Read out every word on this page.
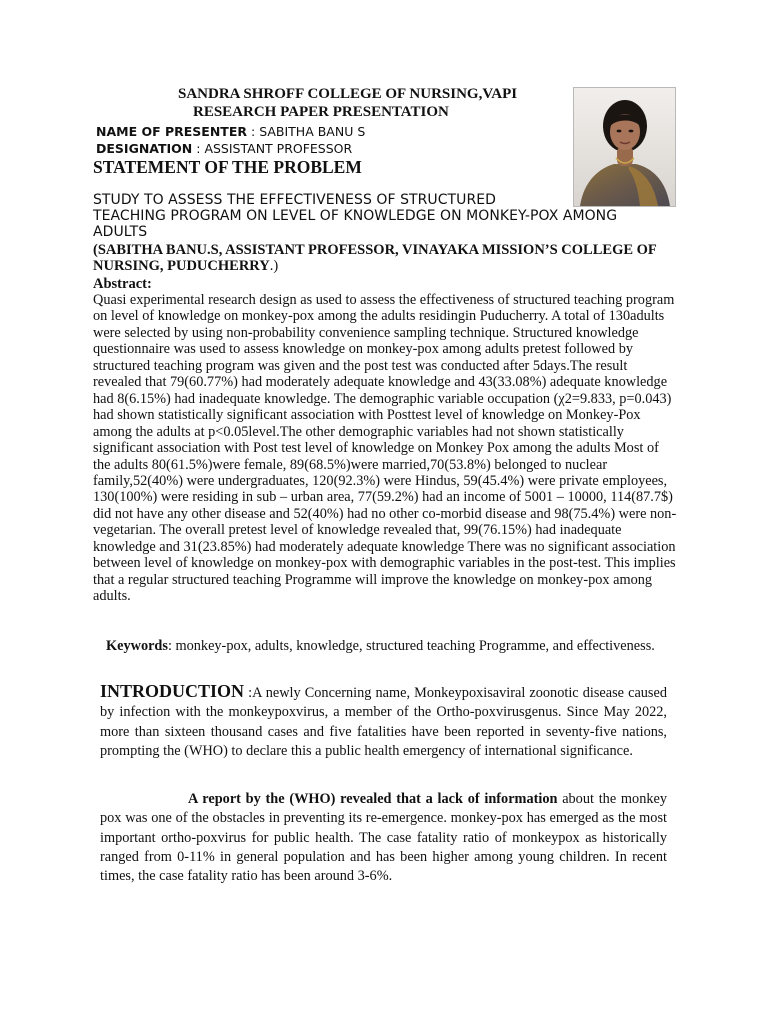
SANDRA SHROFF COLLEGE OF NURSING,VAPI
RESEARCH PAPER PRESENTATION
NAME OF PRESENTER : SABITHA BANU S
DESIGNATION : ASSISTANT PROFESSOR
STATEMENT OF THE PROBLEM
STUDY TO ASSESS THE EFFECTIVENESS OF STRUCTURED
TEACHING PROGRAM ON LEVEL OF KNOWLEDGE ON MONKEY-POX AMONG ADULTS
(SABITHA BANU.S, ASSISTANT PROFESSOR, VINAYAKA MISSION’S COLLEGE OF NURSING, PUDUCHERRY.)
Abstract:

Quasi experimental research design as used to assess the effectiveness of structured teaching program on level of knowledge on monkey-pox among the adults residingin Puducherry. A total of 130adults were selected by using non-probability convenience sampling technique. Structured knowledge questionnaire was used to assess knowledge on monkey-pox among adults pretest followed by structured teaching program was given and the post test was conducted after 5days.The result revealed that 79(60.77%) had moderately adequate knowledge and 43(33.08%) adequate knowledge had 8(6.15%) had inadequate knowledge. The demographic variable occupation (χ2=9.833, p=0.043) had shown statistically significant association with Posttest level of knowledge on Monkey-Pox among the adults at p<0.05level.The other demographic variables had not shown statistically significant association with Post test level of knowledge on Monkey Pox among the adults Most of the adults 80(61.5%)were female, 89(68.5%)were married,70(53.8%) belonged to nuclear family,52(40%) were undergraduates, 120(92.3%) were Hindus, 59(45.4%) were private employees, 130(100%) were residing in sub – urban area, 77(59.2%) had an income of 5001 – 10000, 114(87.7$) did not have any other disease and 52(40%) had no other co-morbid disease and 98(75.4%) were non-vegetarian. The overall pretest level of knowledge revealed that, 99(76.15%) had inadequate knowledge and 31(23.85%) had moderately adequate knowledge There was no significant association between level of knowledge on monkey-pox with demographic variables in the post-test. This implies that a regular structured teaching Programme will improve the knowledge on monkey-pox among adults.

Keywords: monkey-pox, adults, knowledge, structured teaching Programme, and effectiveness.

INTRODUCTION :A newly Concerning name, Monkeypoxisaviral zoonotic disease caused by infection with the monkeypoxvirus, a member of the Ortho-poxvirusgenus. Since May 2022, more than sixteen thousand cases and five fatalities have been reported in seventy-five nations, prompting the (WHO) to declare this a public health emergency of international significance.

A report by the (WHO) revealed that a lack of information about the monkey pox was one of the obstacles in preventing its re-emergence. monkey-pox has emerged as the most important ortho-poxvirus for public health. The case fatality ratio of monkeypox as historically ranged from 0-11% in general population and has been higher among young children. In recent times, the case fatality ratio has been around 3-6%.
